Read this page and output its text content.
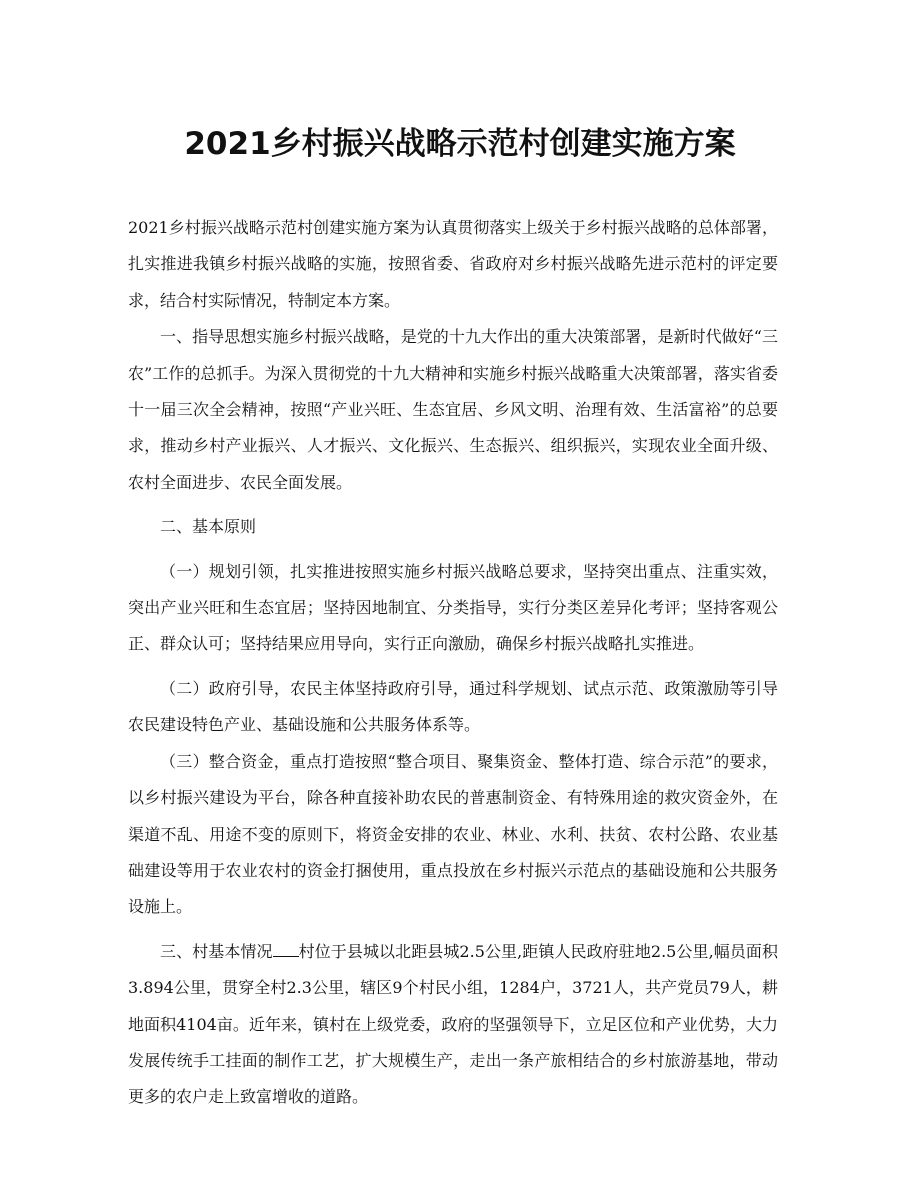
2021乡村振兴战略示范村创建实施方案

2021乡村振兴战略示范村创建实施方案为认真贯彻落实上级关于乡村振兴战略的总体部署，扎实推进我镇乡村振兴战略的实施，按照省委、省政府对乡村振兴战略先进示范村的评定要求，结合村实际情况，特制定本方案。

一、指导思想实施乡村振兴战略，是党的十九大作出的重大决策部署，是新时代做好“三农”工作的总抓手。为深入贯彻党的十九大精神和实施乡村振兴战略重大决策部署，落实省委十一届三次全会精神，按照“产业兴旺、生态宜居、乡风文明、治理有效、生活富裕”的总要求，推动乡村产业振兴、人才振兴、文化振兴、生态振兴、组织振兴，实现农业全面升级、农村全面进步、农民全面发展。

二、基本原则

（一）规划引领，扎实推进按照实施乡村振兴战略总要求，坚持突出重点、注重实效，突出产业兴旺和生态宜居；坚持因地制宜、分类指导，实行分类区差异化考评；坚持客观公正、群众认可；坚持结果应用导向，实行正向激励，确保乡村振兴战略扎实推进。

（二）政府引导，农民主体坚持政府引导，通过科学规划、试点示范、政策激励等引导农民建设特色产业、基础设施和公共服务体系等。

（三）整合资金，重点打造按照“整合项目、聚集资金、整体打造、综合示范”的要求，以乡村振兴建设为平台，除各种直接补助农民的普惠制资金、有特殊用途的救灾资金外，在渠道不乱、用途不变的原则下，将资金安排的农业、林业、水利、扶贫、农村公路、农业基础建设等用于农业农村的资金打捆使用，重点投放在乡村振兴示范点的基础设施和公共服务设施上。

三、村基本情况 村位于县城以北距县城2.5公里,距镇人民政府驻地2.5公里,幅员面积3.894公里，贯穿全村2.3公里，辖区9个村民小组，1284户，3721人，共产党员79人，耕地面积4104亩。近年来，镇村在上级党委，政府的坚强领导下，立足区位和产业优势，大力发展传统手工挂面的制作工艺，扩大规模生产，走出一条产旅相结合的乡村旅游基地，带动更多的农户走上致富增收的道路。
